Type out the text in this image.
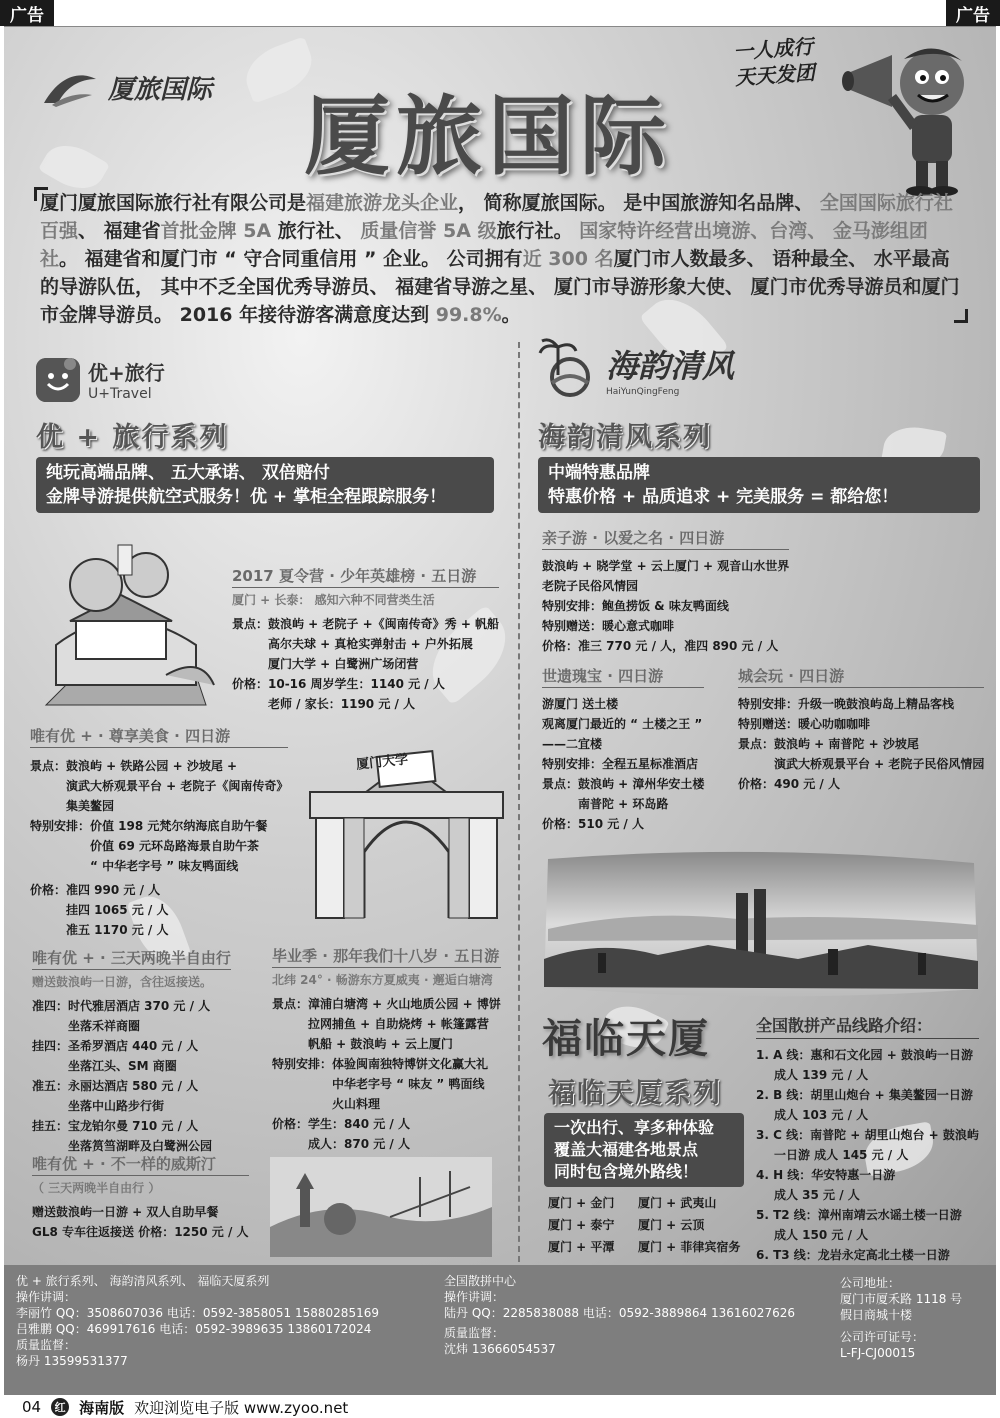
广告	广告
厦旅国际 厦旅国际
一人成行
天天发团
厦门厦旅国际旅行社有限公司是福建旅游龙头企业， 简称厦旅国际。 是中国旅游知名品牌、 全国国际旅行社百强、 福建省首批金牌 5A 旅行社、 质量信誉 5A 级旅行社。 国家特许经营出境游、台湾、 金马澎组团社。 福建省和厦门市 “ 守合同重信用 ” 企业。 公司拥有近 300 名厦门市人数最多、 语种最全、 水平最高的导游队伍， 其中不乏全国优秀导游员、 福建省导游之星、 厦门市导游形象大使、 厦门市优秀导游员和厦门市金牌导游员。 2016 年接待游客满意度达到 99.8%。
优+旅行
U+Travel
优 + 旅行系列
纯玩高端品牌、 五大承诺、 双倍赔付
金牌导游提供航空式服务！优 + 掌柜全程跟踪服务！
2017 夏令营 · 少年英雄榜 · 五日游
厦门 + 长泰： 感知六种不同营类生活
景点：鼓浪屿 + 老院子 +《闽南传奇》秀 + 帆船
高尔夫球 + 真枪实弹射击 + 户外拓展
厦门大学 + 白鹭洲广场闭营
价格：10-16 周岁学生：1140 元 / 人
老师 / 家长：1190 元 / 人
唯有优 + · 尊享美食 · 四日游
景点：鼓浪屿 + 铁路公园 + 沙坡尾 +
演武大桥观景平台 + 老院子《闽南传奇》
集美鳌园
特别安排：价值 198 元梵尔纳海底自助午餐
价值 69 元环岛路海景自助午茶
“ 中华老字号 ” 味友鸭面线
价格：准四 990 元 / 人
挂四 1065 元 / 人
准五 1170 元 / 人
厦门大学
唯有优 + · 三天两晚半自由行
赠送鼓浪屿一日游，含往返接送。
准四：时代雅居酒店 370 元 / 人
坐落禾祥商圈
挂四：圣希罗酒店 440 元 / 人
坐落江头、SM 商圈
准五：永丽达酒店 580 元 / 人
坐落中山路步行街
挂五：宝龙铂尔曼 710 元 / 人
坐落筼筜湖畔及白鹭洲公园
毕业季 · 那年我们十八岁 · 五日游
北纬 24° · 畅游东方夏威夷 · 邂逅白塘湾
景点：漳浦白塘湾 + 火山地质公园 + 博饼
拉网捕鱼 + 自助烧烤 + 帐篷露营
帆船 + 鼓浪屿 + 云上厦门
特别安排：体验闽南独特博饼文化赢大礼
中华老字号 “ 味友 ” 鸭面线
火山料理
价格：学生：840 元 / 人
成人：870 元 / 人
唯有优 + · 不一样的威斯汀
（ 三天两晚半自由行 ）
赠送鼓浪屿一日游 + 双人自助早餐
GL8 专车往返接送 价格：1250 元 / 人
海韵清风
HaiYunQingFeng
海韵清风系列
中端特惠品牌
特惠价格 + 品质追求 + 完美服务 = 都给您！
亲子游 · 以爱之名 · 四日游
鼓浪屿 + 晓学堂 + 云上厦门 + 观音山水世界
老院子民俗风情园
特别安排：鲍鱼捞饭 & 味友鸭面线
特别赠送：暖心意式咖啡
价格：准三 770 元 / 人，准四 890 元 / 人
世遗瑰宝 · 四日游
游厦门 送土楼
观离厦门最近的 “ 土楼之王 ”
——二宜楼
特别安排：全程五星标准酒店
景点：鼓浪屿 + 漳州华安土楼
南普陀 + 环岛路
价格：510 元 / 人
城会玩 · 四日游
特别安排：升级一晚鼓浪屿岛上精品客栈
特别赠送：暖心叻咖咖啡
景点：鼓浪屿 + 南普陀 + 沙坡尾
演武大桥观景平台 + 老院子民俗风情园
价格：490 元 / 人
福临天厦
福临天厦系列
一次出行、享多种体验
覆盖大福建各地景点
同时包含境外路线！
厦门 + 金门	厦门 + 武夷山
厦门 + 泰宁	厦门 + 云顶
厦门 + 平潭	厦门 + 菲律宾宿务
全国散拼产品线路介绍：
1. A 线：惠和石文化园 + 鼓浪屿一日游
成人 139 元 / 人
2. B 线：胡里山炮台 + 集美鳌园一日游
成人 103 元 / 人
3. C 线：南普陀 + 胡里山炮台 + 鼓浪屿
一日游 成人 145 元 / 人
4. H 线：华安特惠一日游
成人 35 元 / 人
5. T2 线：漳州南靖云水谣土楼一日游
成人 150 元 / 人
6. T3 线：龙岩永定高北土楼一日游
优 + 旅行系列、 海韵清风系列、 福临天厦系列
操作讲调：
李丽竹 QQ：3508607036 电话：0592-3858051 15880285169
吕雅鹏 QQ：469917616 电话：0592-3989635 13860172024
质量监督：
杨丹 13599531377
全国散拼中心
操作讲调：
陆丹 QQ：2285838088 电话：0592-3889864 13616027626
质量监督：
沈炜 13666054537
公司地址：
厦门市厦禾路 1118 号
假日商城十楼
公司许可证号：
L-FJ-CJ00015
04	红 海南版 欢迎浏览电子版 www.zyoo.net
